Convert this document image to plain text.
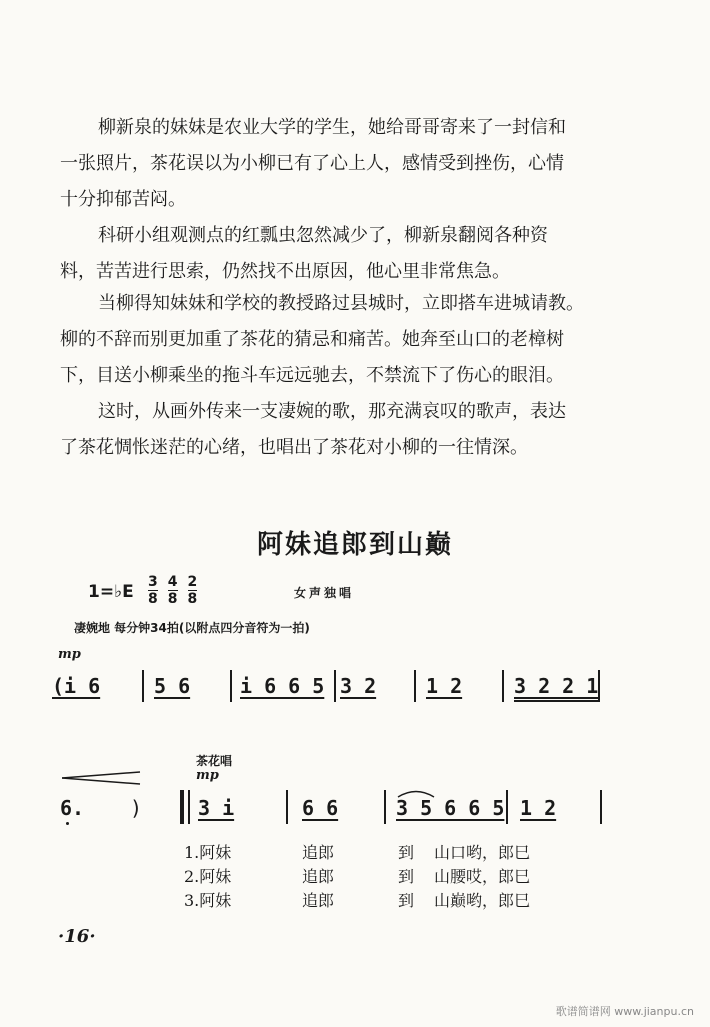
柳新泉的妹妹是农业大学的学生，她给哥哥寄来了一封信和
一张照片，茶花误以为小柳已有了心上人，感情受到挫伤，心情
十分抑郁苦闷。
科研小组观测点的红瓢虫忽然减少了，柳新泉翻阅各种资
料，苦苦进行思索，仍然找不出原因，他心里非常焦急。
当柳得知妹妹和学校的教授路过县城时，立即搭车进城请教。
柳的不辞而别更加重了茶花的猜忌和痛苦。她奔至山口的老樟树
下，目送小柳乘坐的拖斗车远远驰去，不禁流下了伤心的眼泪。
这时，从画外传来一支凄婉的歌，那充满哀叹的歌声，表达
了茶花惆怅迷茫的心绪，也唱出了茶花对小柳的一往情深。
阿妹追郎到山巅
1=♭E 3
8
4
8
2
8	女声独唱
凄婉地 每分钟34拍(以附点四分音符为一拍)
mp
(i 6	5 6 i 6 6 5 3 2 1 2	3 2 2 1
茶花唱
mp
6. )	3 i	6 6	3 5 6 6 5 1 2
1.阿妹	追郎	到 山口哟，郎巳
2.阿妹	追郎	到 山腰哎，郎巳
3.阿妹	追郎	到 山巅哟，郎巳
·16·
歌谱简谱网 www.jianpu.cn
